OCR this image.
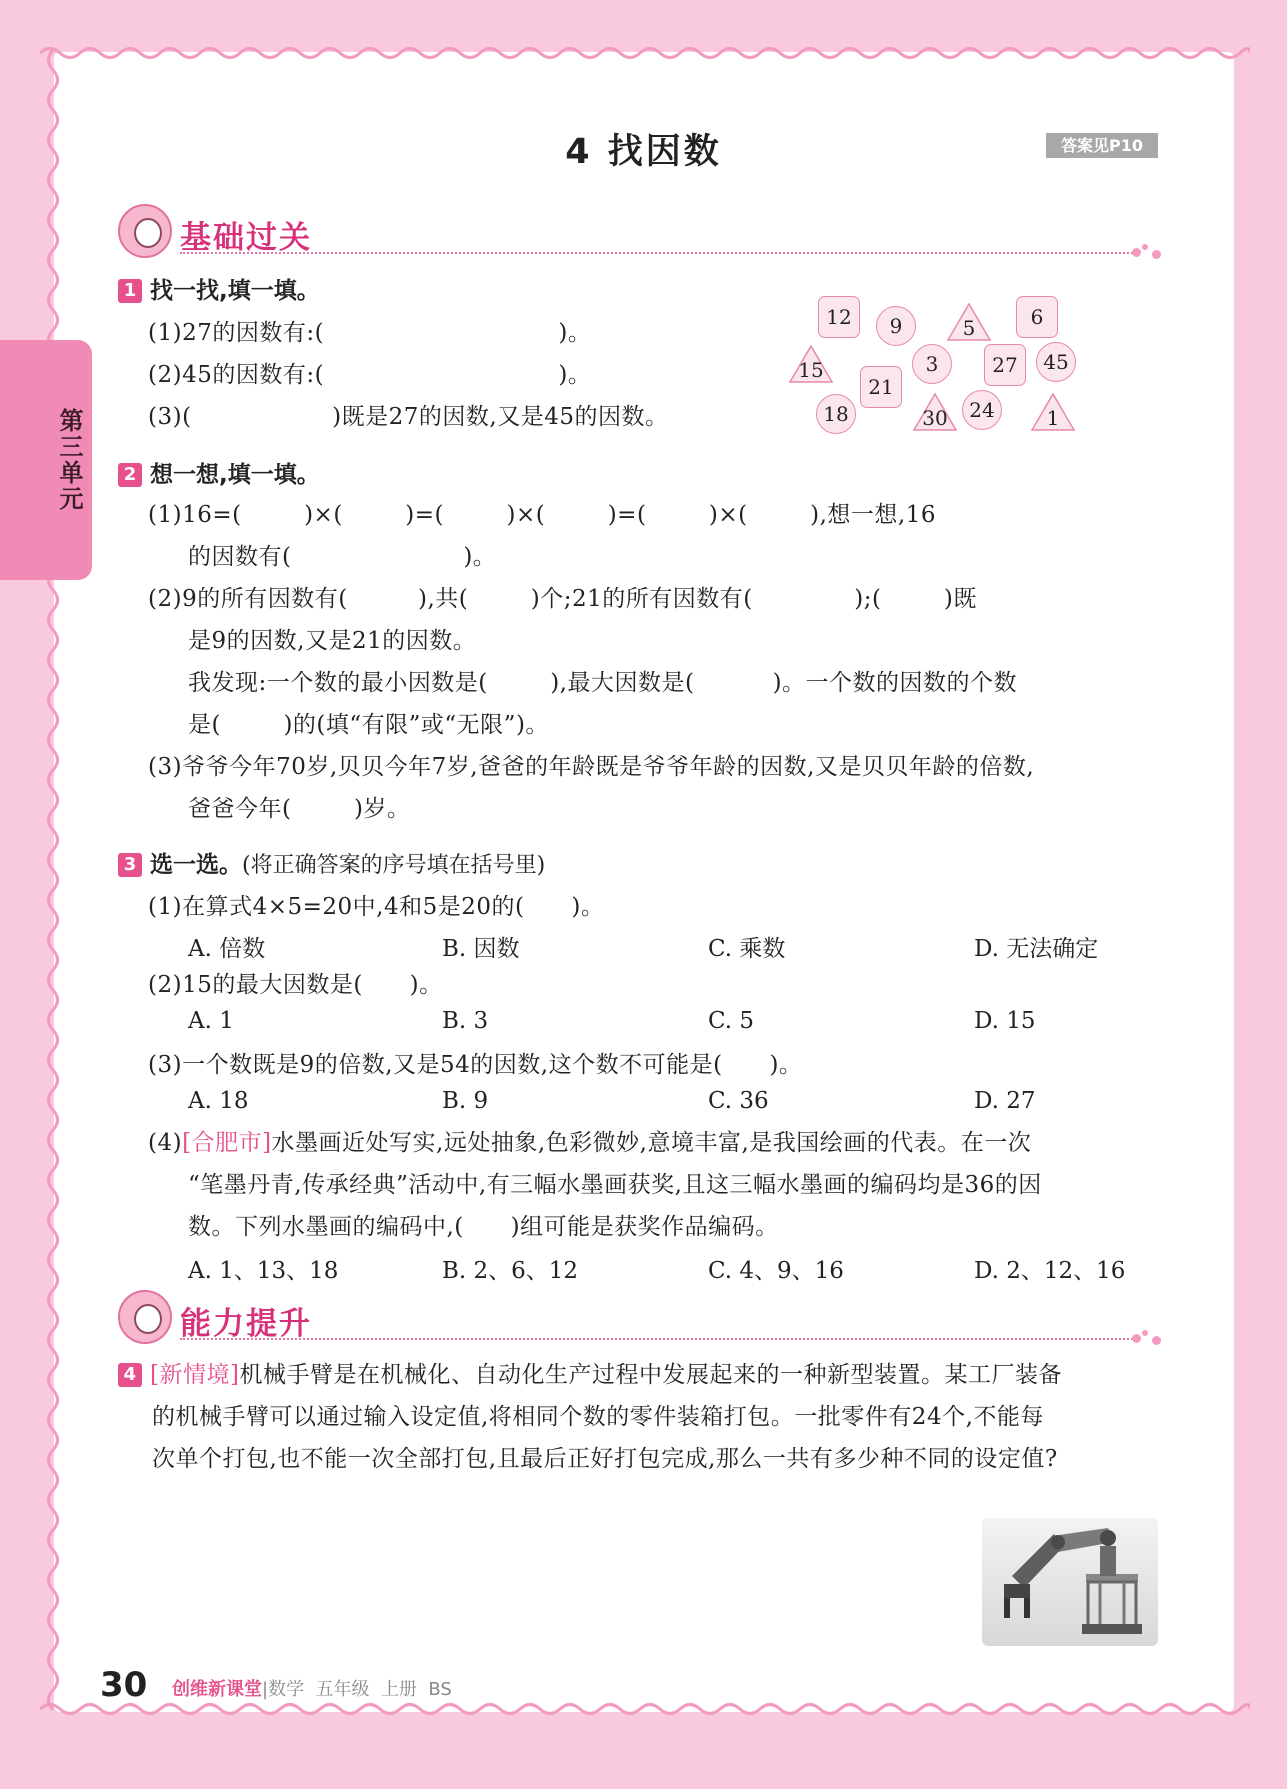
第三单元
4 找因数	答案见P10
基础过关
1 找一找,填一填。
(1)27的因数有:(                              )。
(2)45的因数有:(                              )。
(3)(                  )既是27的因数,又是45的因数。
12	9	5	6
3	27	45
15
21
18	30	24	1
2 想一想,填一填。
(1)16=(        )×(        )=(        )×(        )=(        )×(        ),想一想,16
的因数有(                      )。
(2)9的所有因数有(         ),共(        )个;21的所有因数有(             );(        )既
是9的因数,又是21的因数。
我发现:一个数的最小因数是(        ),最大因数是(          )。一个数的因数的个数
是(        )的(填“有限”或“无限”)。
(3)爷爷今年70岁,贝贝今年7岁,爸爸的年龄既是爷爷年龄的因数,又是贝贝年龄的倍数,
爸爸今年(        )岁。
3 选一选。(将正确答案的序号填在括号里)
(1)在算式4×5=20中,4和5是20的(      )。
A. 倍数	B. 因数	C. 乘数	D. 无法确定
(2)15的最大因数是(      )。
A. 1	B. 3	C. 5	D. 15
(3)一个数既是9的倍数,又是54的因数,这个数不可能是(      )。
A. 18	B. 9	C. 36	D. 27
(4)[合肥市]水墨画近处写实,远处抽象,色彩微妙,意境丰富,是我国绘画的代表。在一次
“笔墨丹青,传承经典”活动中,有三幅水墨画获奖,且这三幅水墨画的编码均是36的因
数。下列水墨画的编码中,(      )组可能是获奖作品编码。
A. 1、13、18	B. 2、6、12	C. 4、9、16	D. 2、12、16
能力提升
4 [新情境]机械手臂是在机械化、自动化生产过程中发展起来的一种新型装置。某工厂装备
的机械手臂可以通过输入设定值,将相同个数的零件装箱打包。一批零件有24个,不能每
次单个打包,也不能一次全部打包,且最后正好打包完成,那么一共有多少种不同的设定值?
30 创维新课堂|数学  五年级  上册  BS
